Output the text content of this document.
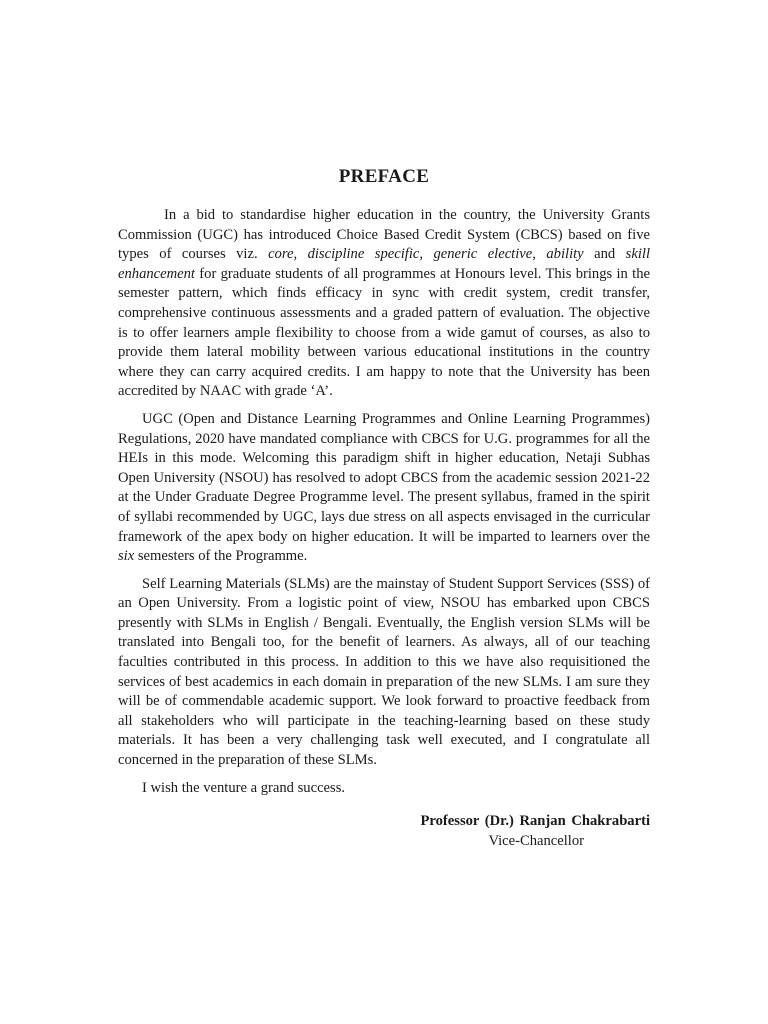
PREFACE

In a bid to standardise higher education in the country, the University Grants Commission (UGC) has introduced Choice Based Credit System (CBCS) based on five types of courses viz. core, discipline specific, generic elective, ability and skill enhancement for graduate students of all programmes at Honours level. This brings in the semester pattern, which finds efficacy in sync with credit system, credit transfer, comprehensive continuous assessments and a graded pattern of evaluation. The objective is to offer learners ample flexibility to choose from a wide gamut of courses, as also to provide them lateral mobility between various educational institutions in the country where they can carry acquired credits. I am happy to note that the University has been accredited by NAAC with grade ‘A’.

UGC (Open and Distance Learning Programmes and Online Learning Programmes) Regulations, 2020 have mandated compliance with CBCS for U.G. programmes for all the HEIs in this mode. Welcoming this paradigm shift in higher education, Netaji Subhas Open University (NSOU) has resolved to adopt CBCS from the academic session 2021-22 at the Under Graduate Degree Programme level. The present syllabus, framed in the spirit of syllabi recommended by UGC, lays due stress on all aspects envisaged in the curricular framework of the apex body on higher education. It will be imparted to learners over the six semesters of the Programme.

Self Learning Materials (SLMs) are the mainstay of Student Support Services (SSS) of an Open University. From a logistic point of view, NSOU has embarked upon CBCS presently with SLMs in English / Bengali. Eventually, the English version SLMs will be translated into Bengali too, for the benefit of learners. As always, all of our teaching faculties contributed in this process. In addition to this we have also requisitioned the services of best academics in each domain in preparation of the new SLMs. I am sure they will be of commendable academic support. We look forward to proactive feedback from all stakeholders who will participate in the teaching-learning based on these study materials. It has been a very challenging task well executed, and I congratulate all concerned in the preparation of these SLMs.

I wish the venture a grand success.

Professor (Dr.) Ranjan Chakrabarti
Vice-Chancellor
